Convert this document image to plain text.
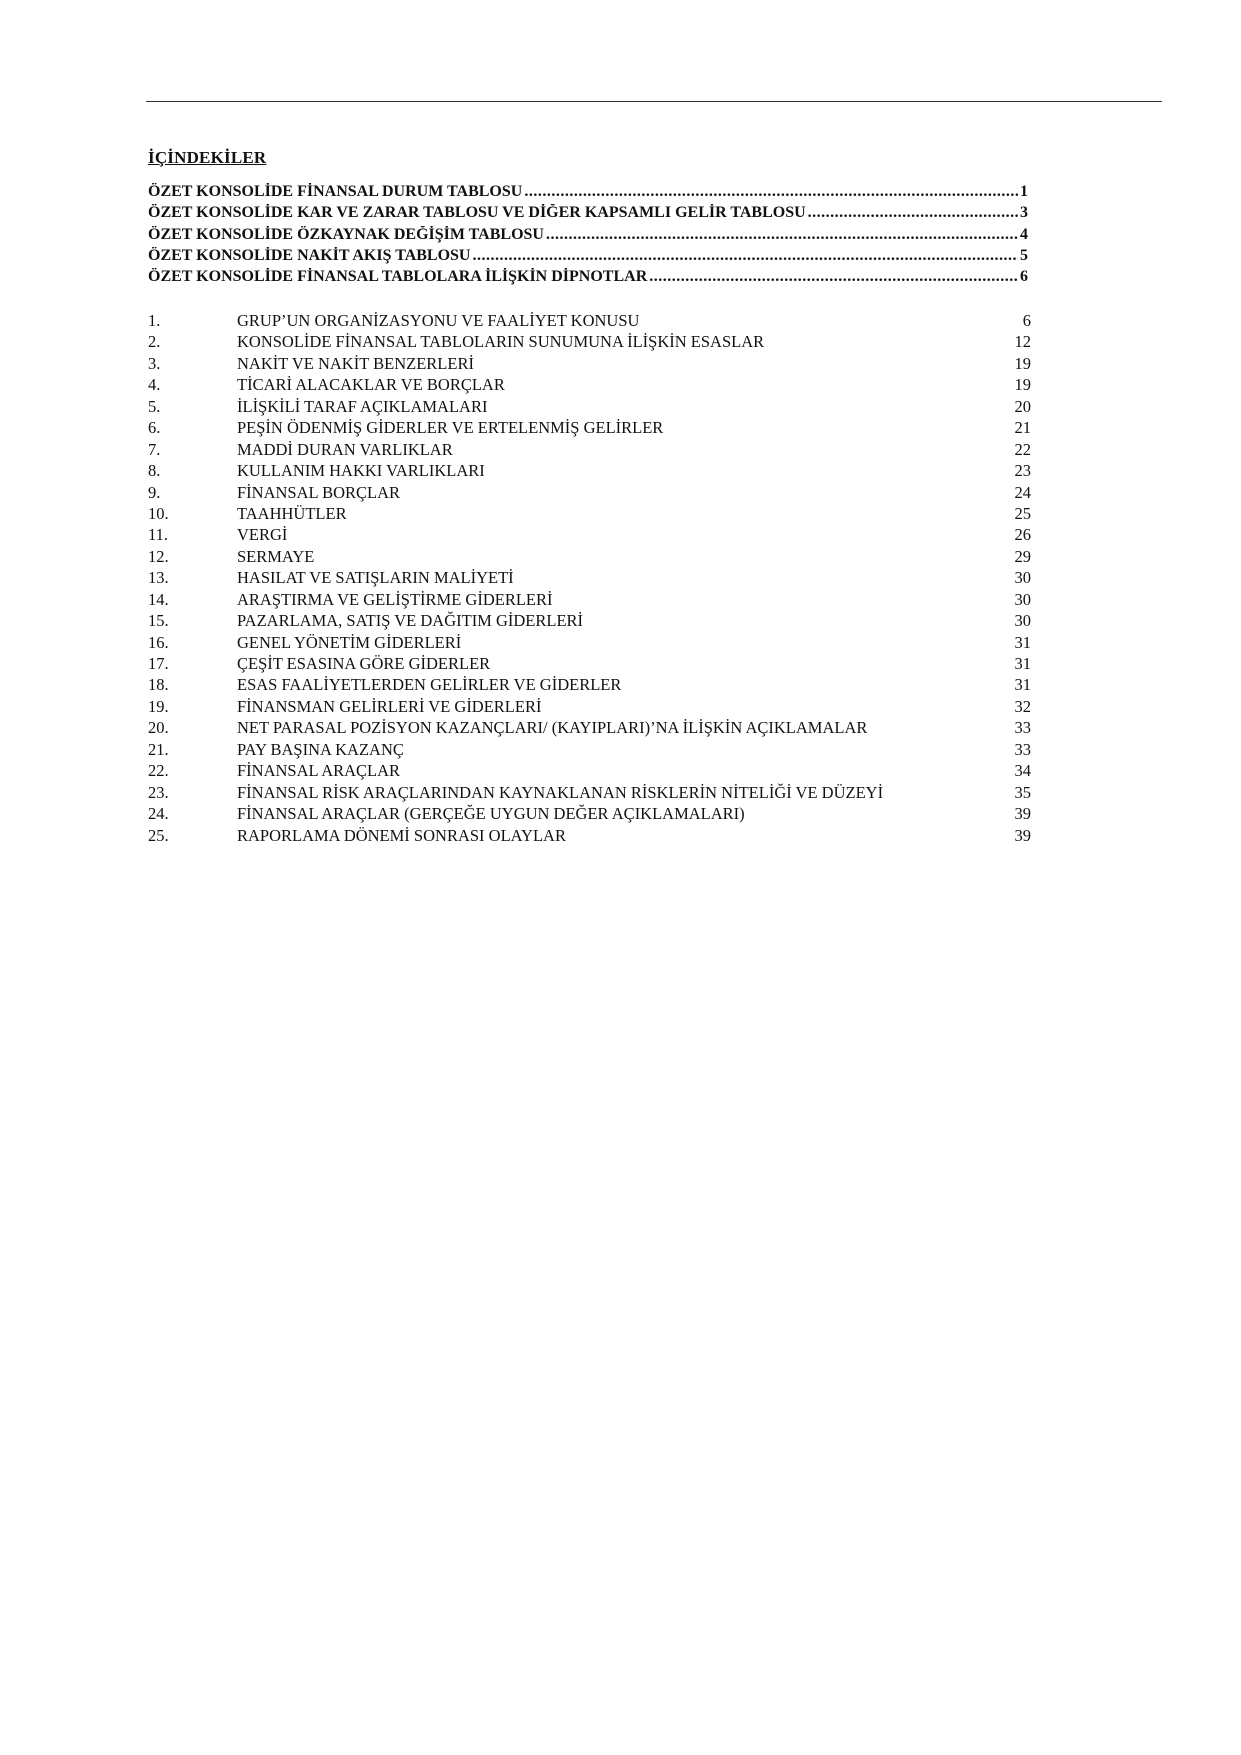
İÇİNDEKİLER
ÖZET KONSOLİDE FİNANSAL DURUM TABLOSU .....	1
ÖZET KONSOLİDE KAR VE ZARAR TABLOSU VE DİĞER KAPSAMLI GELİR TABLOSU .....	3
ÖZET KONSOLİDE ÖZKAYNAK DEĞİŞİM TABLOSU .....	4
ÖZET KONSOLİDE NAKİT AKIŞ TABLOSU .....	5
ÖZET KONSOLİDE FİNANSAL TABLOLARA İLİŞKİN DİPNOTLAR .....	6
1.	GRUP’UN ORGANİZASYONU VE FAALİYET KONUSU	6
2.	KONSOLİDE FİNANSAL TABLOLARIN SUNUMUNA İLİŞKİN ESASLAR	12
3.	NAKİT VE NAKİT BENZERLERİ	19
4.	TİCARİ ALACAKLAR VE BORÇLAR	19
5.	İLİŞKİLİ TARAF AÇIKLAMALARI	20
6.	PEŞİN ÖDENMİŞ GİDERLER VE ERTELENMİŞ GELİRLER	21
7.	MADDİ DURAN VARLIKLAR	22
8.	KULLANIM HAKKI VARLIKLARI	23
9.	FİNANSAL BORÇLAR	24
10.	TAAHHÜTLER	25
11.	VERGİ	26
12.	SERMAYE	29
13.	HASILAT VE SATIŞLARIN MALİYETİ	30
14.	ARAŞTIRMA VE GELİŞTİRME GİDERLERİ	30
15.	PAZARLAMA, SATIŞ VE DAĞITIM GİDERLERİ	30
16.	GENEL YÖNETİM GİDERLERİ	31
17.	ÇEŞİT ESASINA GÖRE GİDERLER	31
18.	ESAS FAALİYETLERDEN GELİRLER VE GİDERLER	31
19.	FİNANSMAN GELİRLERİ VE GİDERLERİ	32
20.	NET PARASAL POZİSYON KAZANÇLARI/ (KAYIPLARI)’NA İLİŞKİN AÇIKLAMALAR	33
21.	PAY BAŞINA KAZANÇ	33
22.	FİNANSAL ARAÇLAR	34
23.	FİNANSAL RİSK ARAÇLARINDAN KAYNAKLANAN RİSKLERİN NİTELİĞİ VE DÜZEYİ	35
24.	FİNANSAL ARAÇLAR (GERÇEĞE UYGUN DEĞER AÇIKLAMALARI)	39
25.	RAPORLAMA DÖNEMİ SONRASI OLAYLAR	39
